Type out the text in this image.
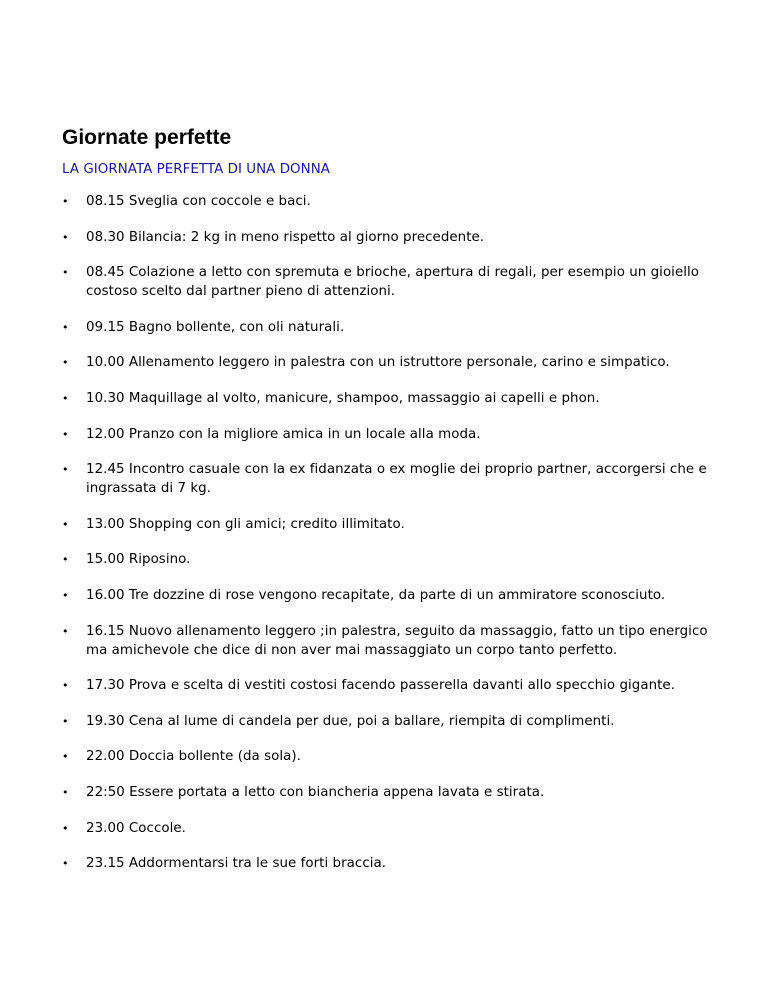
Giornate perfette
LA GIORNATA PERFETTA DI UNA DONNA
•	08.15 Sveglia con coccole e baci.
•	08.30 Bilancia: 2 kg in meno rispetto al giorno precedente.
•	08.45 Colazione a letto con spremuta e brioche, apertura di regali, per esempio un gioiello costoso scelto dal partner pieno di attenzioni.
•	09.15 Bagno bollente, con oli naturali.
•	10.00 Allenamento leggero in palestra con un istruttore personale, carino e simpatico.
•	10.30 Maquillage al volto, manicure, shampoo, massaggio ai capelli e phon.
•	12.00 Pranzo con la migliore amica in un locale alla moda.
•	12.45 Incontro casuale con la ex fidanzata o ex moglie dei proprio partner, accorgersi che e ingrassata di 7 kg.
•	13.00 Shopping con gli amici; credito illimitato.
•	15.00 Riposino.
•	16.00 Tre dozzine di rose vengono recapitate, da parte di un ammiratore sconosciuto.
•	16.15 Nuovo allenamento leggero ;in palestra, seguito da massaggio, fatto un tipo energico ma amichevole che dice di non aver mai massaggiato un corpo tanto perfetto.
•	17.30 Prova e scelta di vestiti costosi facendo passerella davanti allo specchio gigante.
•	19.30 Cena al lume di candela per due, poi a ballare, riempita di complimenti.
•	22.00 Doccia bollente (da sola).
•	22:50 Essere portata a letto con biancheria appena lavata e stirata.
•	23.00 Coccole.
•	23.15 Addormentarsi tra le sue forti braccia.
